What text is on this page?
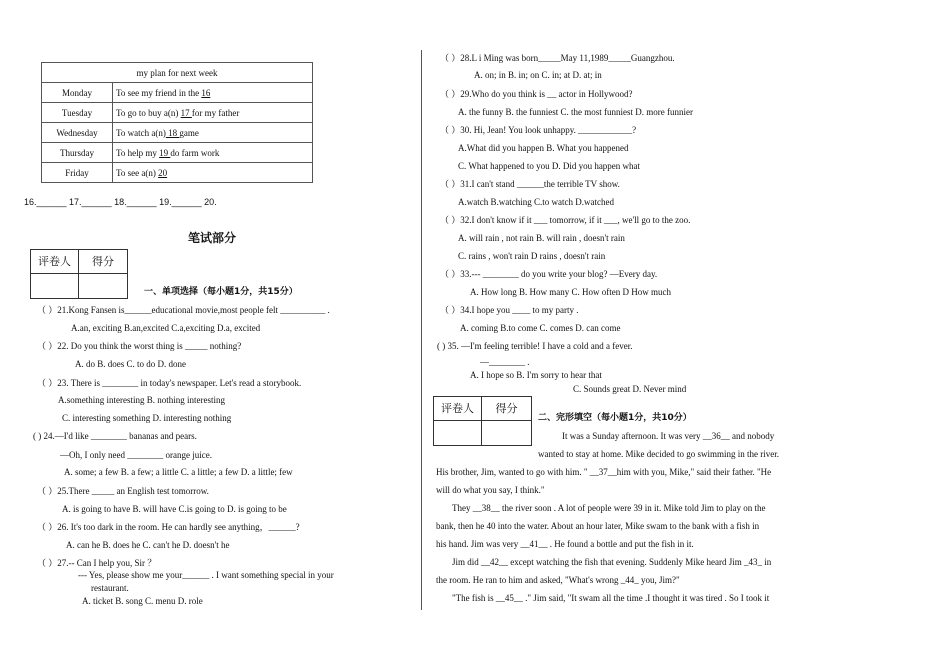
my plan for next week	
Monday	To see my friend in the 16
Tuesday	To go to buy a(n) 17 for my father
Wednesday	To watch a(n) 18 game
Thursday	To help my 19 do farm work
Friday	To see a(n) 20
16.______ 17.______ 18.______ 19.______ 20.
笔试部分
评卷人	得分
一、单项选择（每小题1分，共15分）
（ ）21.Kong Fansen is______educational movie,most people felt __________ .
A.an, exciting B.an,excited C.a,exciting D.a, excited
（ ）22. Do you think the worst thing is _____ nothing?
A. do B. does C. to do D. done
（ ）23. There is ________ in today's newspaper. Let's read a storybook.
A.something interesting B. nothing interesting
C. interesting something D. interesting nothing
( ) 24.—I'd like ________ bananas and pears.
—Oh, I only need ________ orange juice.
A. some; a few B. a few; a little C. a little; a few D. a little; few
（ ）25.There _____ an English test tomorrow.
A. is going to have B. will have C.is going to D. is going to be
（ ）26. It's too dark in the room. He can hardly see anything，______?
A. can he B. does he C. can't he D. doesn't he
（ ）27.-- Can I help you, Sir ？
--- Yes, please show me your______ . I want something special in your
restaurant.
A. ticket B. song C. menu D. role
（ ）28.L i Ming was born_____May 11,1989_____Guangzhou.
A. on; in B. in; on C. in; at D. at; in
（ ）29.Who do you think is __ actor in Hollywood?
A. the funny B. the funniest C. the most funniest D. more funnier
（ ）30. Hi, Jean! You look unhappy. ____________?
A.What did you happen B. What you happened
C. What happened to you D. Did you happen what
（ ）31.I can't stand ______the terrible TV show.
A.watch B.watching C.to watch D.watched
（ ）32.I don't know if it ___ tomorrow, if it ___, we'll go to the zoo.
A. will rain , not rain B. will rain , doesn't rain
C. rains , won't rain D rains , doesn't rain
（ ）33.--- ________ do you write your blog? —Every day.
A. How long B. How many C. How often D How much
（ ）34.I hope you ____ to my party .
A. coming B.to come C. comes D. can come
( ) 35. —I'm feeling terrible! I have a cold and a fever.
—________ .
A. I hope so B. I'm sorry to hear that
C. Sounds great D. Never mind
评卷人	得分
二、完形填空（每小题1分，共10分）
It was a Sunday afternoon. It was very __36__ and nobody
wanted to stay at home. Mike decided to go swimming in the river.
His brother, Jim, wanted to go with him. " __37__him with you, Mike," said their father. "He
will do what you say, I think."
They __38__ the river soon . A lot of people were 39 in it. Mike told Jim to play on the
bank, then he 40 into the water. About an hour later, Mike swam to the bank with a fish in
his hand. Jim was very __41__ . He found a bottle and put the fish in it.
Jim did __42__ except watching the fish that evening. Suddenly Mike heard Jim _43_ in
the room. He ran to him and asked, "What's wrong _44_ you, Jim?"
"The fish is __45__ ." Jim said, "It swam all the time .I thought it was tired . So I took it
